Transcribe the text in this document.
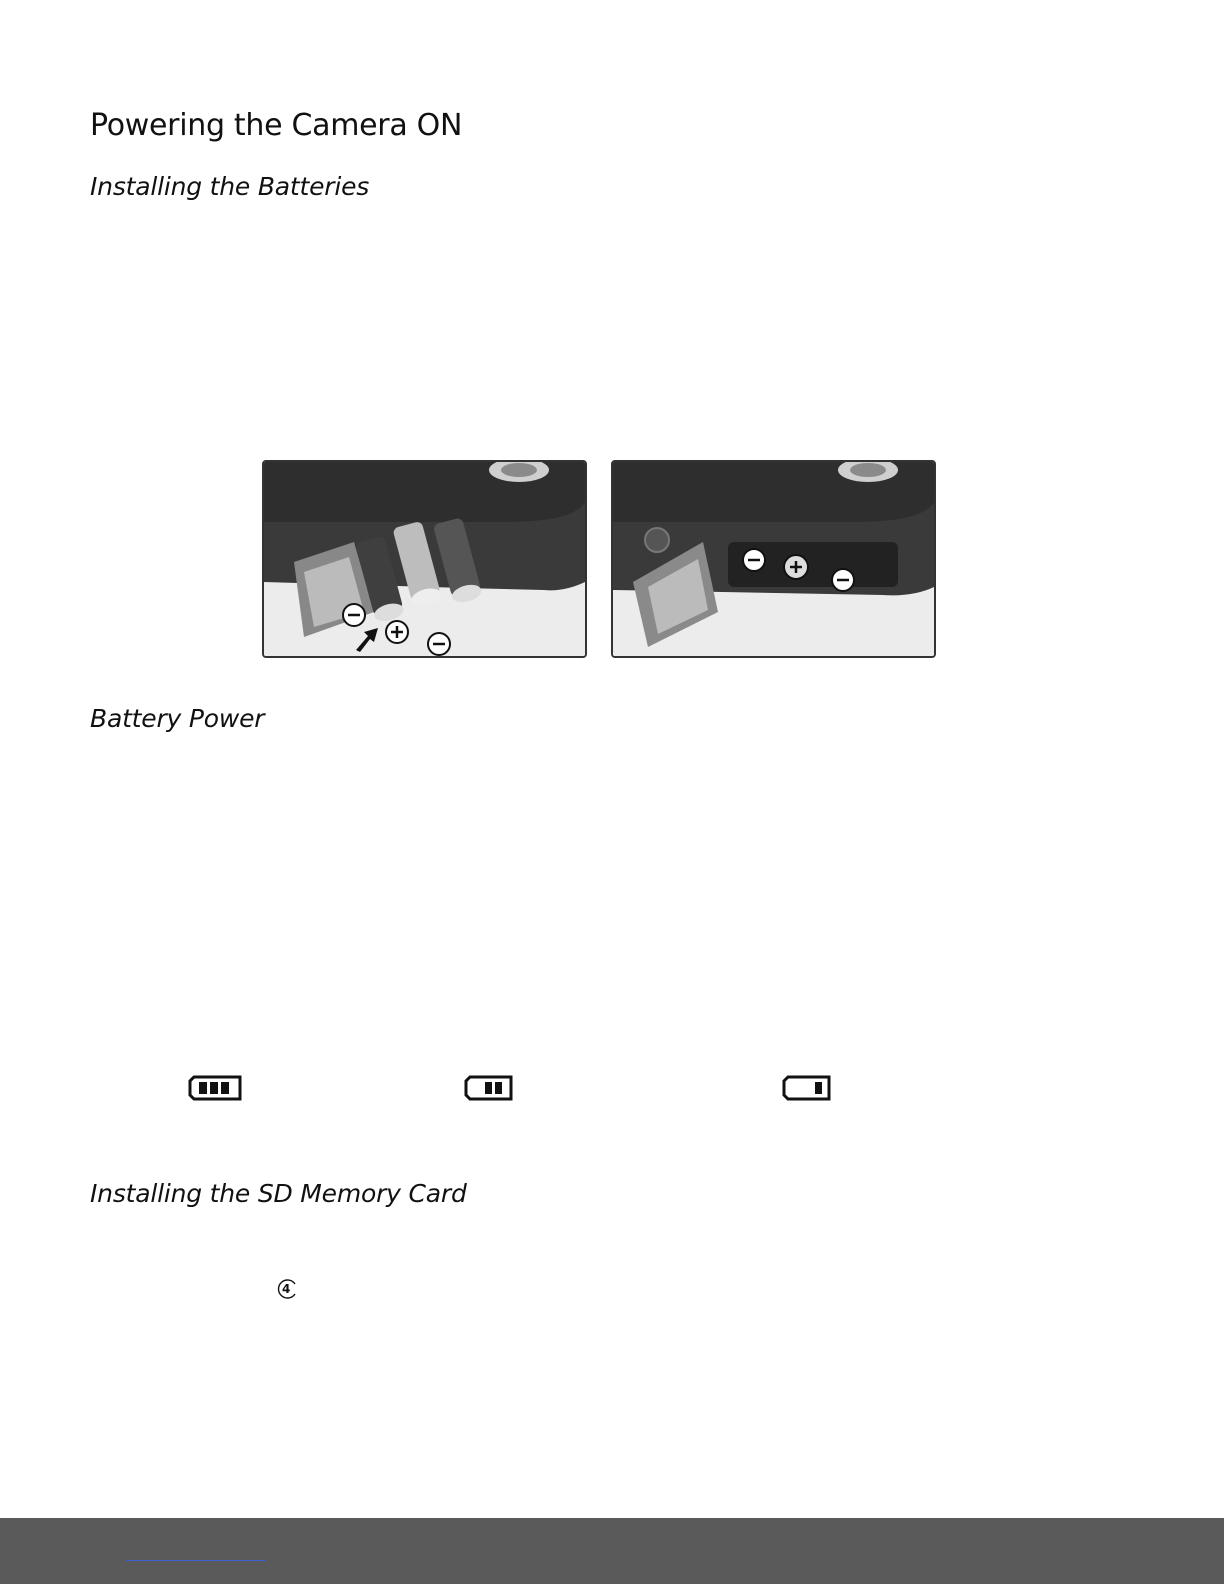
Powering the Camera ON
Installing the Batteries
Battery Power
Installing the SD Memory Card
4
